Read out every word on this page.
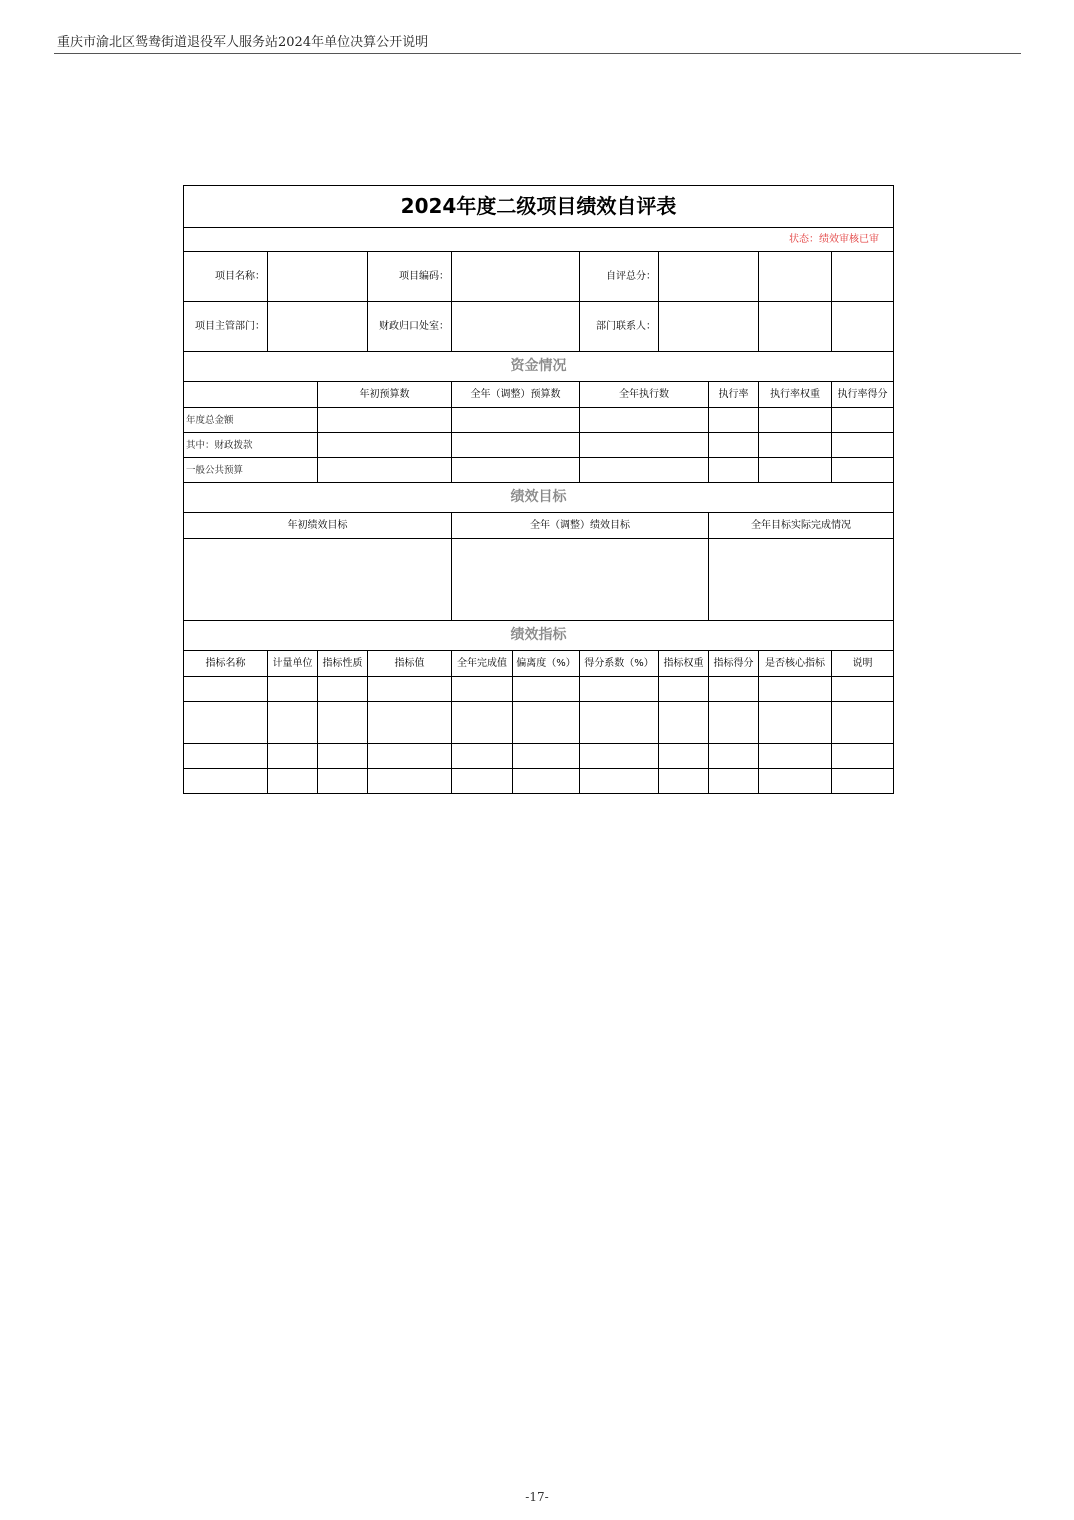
重庆市渝北区鸳鸯街道退役军人服务站2024年单位决算公开说明
2024年度二级项目绩效自评表										
状态：绩效审核已审										
项目名称：			项目编码：			自评总分：				
项目主管部门：			财政归口处室：			部门联系人：				
资金情况										
		年初预算数		全年（调整）预算数		全年执行数		执行率	执行率权重	执行率得分
年度总金额										
其中：财政拨款										
一般公共预算										
绩效目标										
年初绩效目标				全年（调整）绩效目标				全年目标实际完成情况		

绩效指标										
指标名称	计量单位	指标性质	指标值	全年完成值	偏离度（%）	得分系数（%）	指标权重	指标得分	是否核心指标	说明

-17-
